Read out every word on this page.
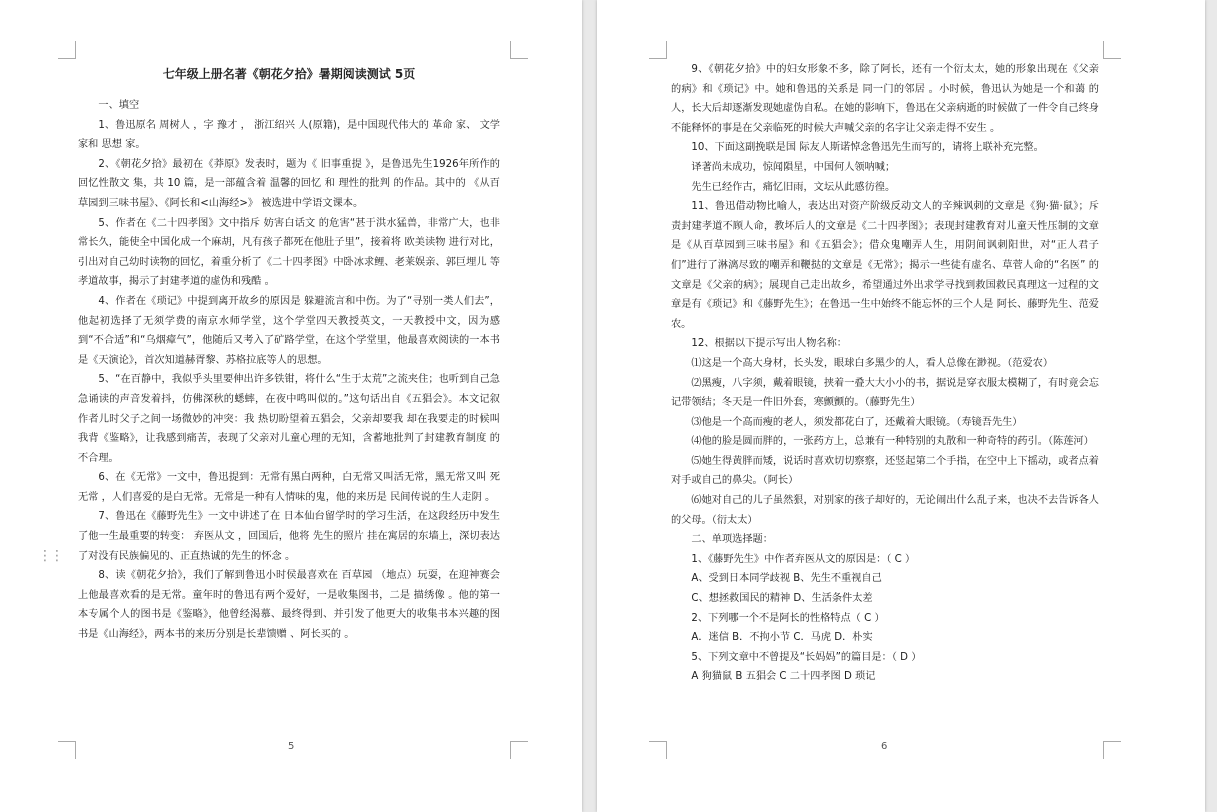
⋮⋮
七年级上册名著《朝花夕拾》暑期阅读测试 5页

一、填空

1、鲁迅原名 周树人 ，字 豫才 ， 浙江绍兴 人(原籍)，是中国现代伟大的 革命 家、 文学 家和 思想 家。

2、《朝花夕拾》最初在《莽原》发表时，题为《 旧事重提 》，是鲁迅先生1926年所作的回忆性散文 集，共 10 篇，是一部蕴含着 温馨的回忆 和 理性的批判 的作品。其中的 《从百草园到三味书屋》、《阿长和<山海经>》 被选进中学语文课本。

5、作者在《二十四孝图》文中指斥 妨害白话文 的危害“甚于洪水猛兽，非常广大，也非常长久，能使全中国化成一个麻胡，凡有孩子都死在他肚子里”，接着将 欧美读物 进行对比，引出对自己幼时读物的回忆，着重分析了《二十四孝图》中卧冰求鲤、老莱娱亲、郭巨埋儿 等孝道故事，揭示了封建孝道的虚伪和残酷 。

4、作者在《琐记》中提到离开故乡的原因是 躲避流言和中伤。为了“寻别一类人们去”，他起初选择了无须学费的南京水师学堂，这个学堂四天教授英文，一天教授中文，因为感到“不合适”和“乌烟瘴气”，他随后又考入了矿路学堂，在这个学堂里，他最喜欢阅读的一本书是《天演论》，首次知道赫胥黎、苏格拉底等人的思想。

5、“在百静中，我似乎头里要伸出许多铁钳，将什么“生于太荒”之流夹住；也听到自己急急诵读的声音发着抖，仿佛深秋的蟋蟀，在夜中鸣叫似的。”这句话出自《五猖会》。本文记叙作者儿时父子之间一场微妙的冲突：我 热切盼望着五猖会，父亲却要我 却在我要走的时候叫我背《鉴略》，让我感到痛苦，表现了父亲对儿童心理的无知，含蓄地批判了封建教育制度 的不合理。

6、在《无常》一文中，鲁迅提到：无常有黑白两种，白无常又叫活无常，黑无常又叫 死无常 ，人们喜爱的是白无常。无常是一种有人情味的鬼，他的来历是 民间传说的生人走阴 。

7、鲁迅在《藤野先生》一文中讲述了在 日本仙台留学时的学习生活，在这段经历中发生了他一生最重要的转变： 弃医从文 ，回国后，他将 先生的照片 挂在寓居的东墙上，深切表达了对没有民族偏见的、正直热诚的先生的怀念 。

8、读《朝花夕拾》，我们了解到鲁迅小时侯最喜欢在 百草园 （地点）玩耍，在迎神赛会上他最喜欢看的是无常。童年时的鲁迅有两个爱好，一是收集图书，二是 描绣像 。他的第一本专属个人的图书是《鉴略》，他曾经渴慕、最终得到、并引发了他更大的收集书本兴趣的图书是《山海经》，两本书的来历分别是长辈馈赠 、阿长买的 。

5

9、《朝花夕拾》中的妇女形象不多，除了阿长，还有一个衍太太，她的形象出现在《父亲的病》和《琐记》中。她和鲁迅的关系是 同一门的邻居 。小时候，鲁迅认为她是一个和蔼 的人，长大后却逐渐发现她虚伪自私。在她的影响下，鲁迅在父亲病逝的时候做了一件令自己终身不能释怀的事是在父亲临死的时候大声喊父亲的名字让父亲走得不安生 。

10、下面这副挽联是国 际友人斯诺悼念鲁迅先生而写的，请将上联补充完整。

译著尚未成功，惊闻隕星，中国何人领呐喊；

先生已经作古，痛忆旧雨，文坛从此感彷徨。

11、鲁迅借动物比喻人，表达出对资产阶级反动文人的辛辣讽刺的文章是《狗·猫·鼠》；斥责封建孝道不顾人命，教坏后人的文章是《二十四孝图》；表现封建教育对儿童天性压制的文章是《从百草园到三味书屋》和《五猖会》；借众鬼嘲弄人生，用阴间讽刺阳世，对“正人君子们”进行了淋漓尽致的嘲弄和鞭挞的文章是《无常》；揭示一些徒有虚名、草菅人命的“名医” 的文章是《父亲的病》；展现自己走出故乡，希望通过外出求学寻找到救国救民真理这一过程的文章是有《琐记》和《藤野先生》；在鲁迅一生中始终不能忘怀的三个人是 阿长、藤野先生、范爱农。

12、根据以下提示写出人物名称：

⑴这是一个高大身材，长头发，眼球白多黑少的人，看人总像在渺视。（范爱农）

⑵黑瘦，八字须，戴着眼镜，挟着一叠大大小小的书，据说是穿衣服太模糊了，有时竟会忘记带领结；冬天是一件旧外套，寒颤颤的。（藤野先生）

⑶他是一个高而瘦的老人，须发都花白了，还戴着大眼镜。（寿镜吾先生）

⑷他的脸是圆而胖的，一张药方上，总兼有一种特别的丸散和一种奇特的药引。（陈莲河）

⑸她生得黄胖而矮，说话时喜欢切切察察，还竖起第二个手指，在空中上下摇动，或者点着对手或自己的鼻尖。（阿长）

⑹她对自己的儿子虽然狠，对别家的孩子却好的，无论闹出什么乱子来，也决不去告诉各人的父母。（衍太太）

二、单项选择题：

1、《藤野先生》中作者弃医从文的原因是：（ C ）

A、受到日本同学歧视 B、先生不重视自己

C、想拯救国民的精神 D、生活条件太差

2、下列哪一个不是阿长的性格特点（ C ）

A．迷信 B．不拘小节 C．马虎 D．朴实

5、下列文章中不曾提及“长妈妈”的篇目是：（ D ）

A 狗猫鼠 B 五猖会 C 二十四孝图 D 琐记

6
